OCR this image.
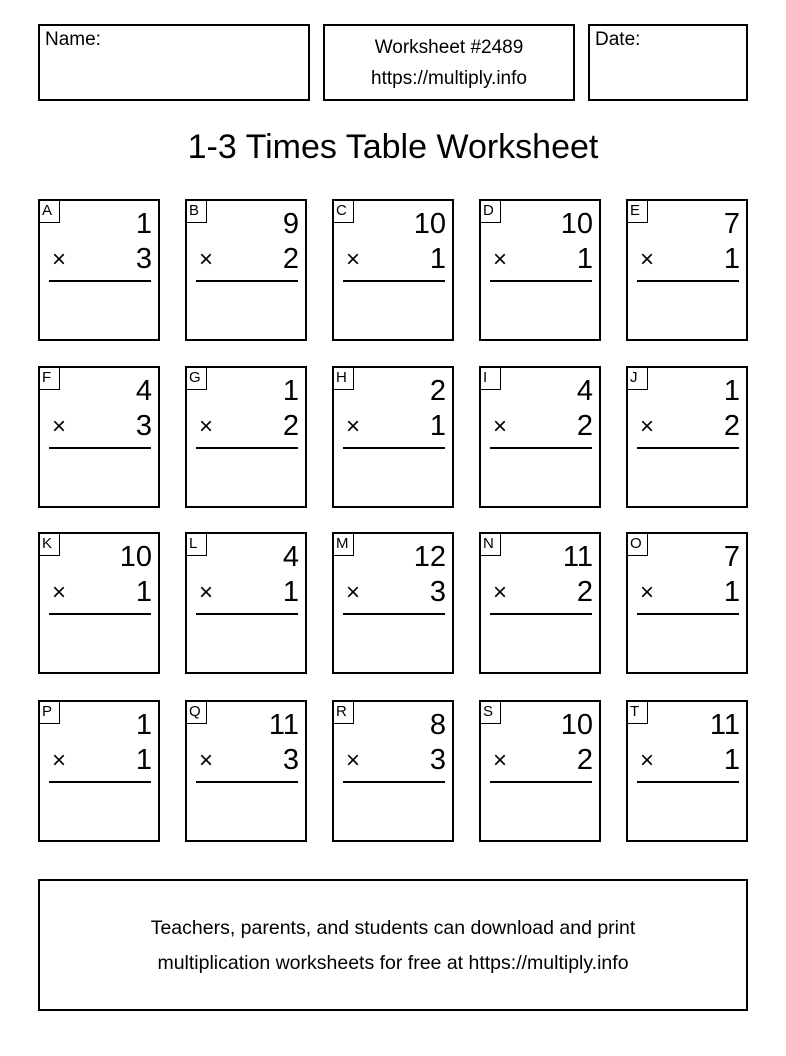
Name:	Worksheet #2489
https://multiply.info
Date:
1-3 Times Table Worksheet
A	1
× 3
B	9
× 2
C 10
× 1
D 10
× 1
E	7
× 1
F	4
× 3
G	1
× 2
H	2
× 1
I	4
× 2
J	1
× 2
K 10
× 1
L	4
× 1
M 12
× 3
N 11
× 2
O	7
× 1
P	1
× 1
Q 11
× 3
R	8
× 3
S 10
× 2
T	11
× 1
Teachers, parents, and students can download and print
multiplication worksheets for free at https://multiply.info
